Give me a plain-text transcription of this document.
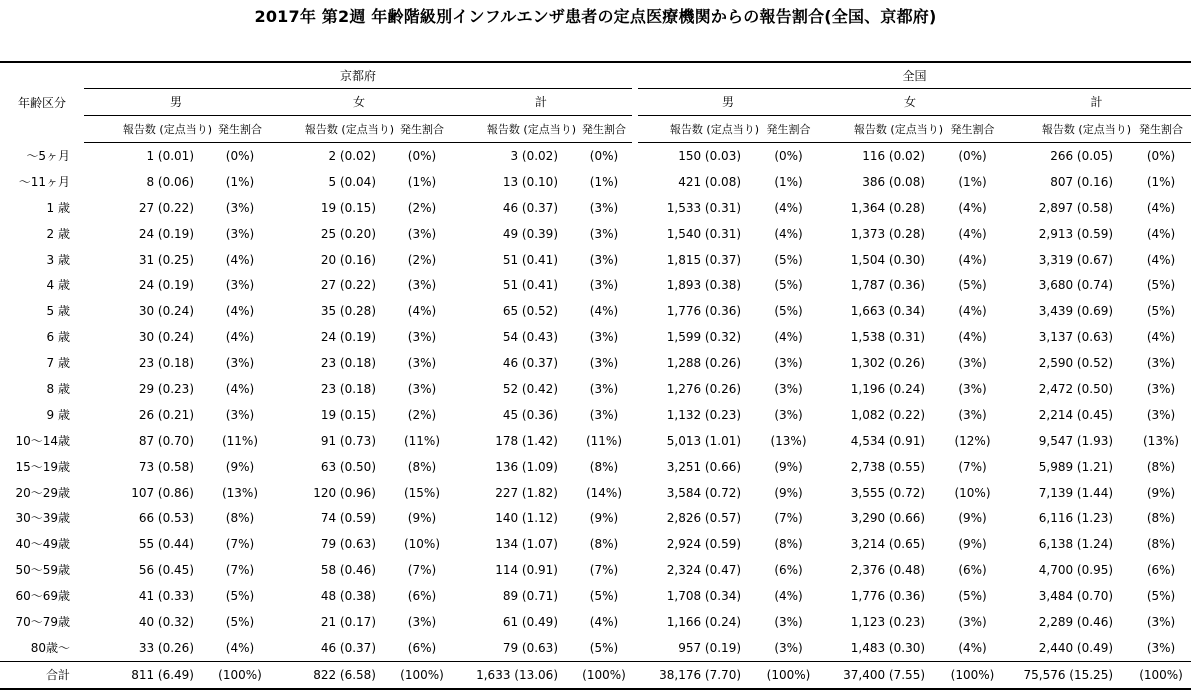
2017年 第2週 年齢階級別インフルエンザ患者の定点医療機関からの報告割合(全国、京都府)
年齢区分	京都府							全国					
	男		女		計			男		女		計	
	報告数 (定点当り)	発生割合	報告数 (定点当り)	発生割合	報告数 (定点当り)	発生割合		報告数 (定点当り)	発生割合	報告数 (定点当り)	発生割合	報告数 (定点当り)	発生割合
〜5ヶ月	1 (0.01)	(0%)	2 (0.02)	(0%)	3 (0.02)	(0%)		150 (0.03)	(0%)	116 (0.02)	(0%)	266 (0.05)	(0%)
〜11ヶ月	8 (0.06)	(1%)	5 (0.04)	(1%)	13 (0.10)	(1%)		421 (0.08)	(1%)	386 (0.08)	(1%)	807 (0.16)	(1%)
1 歳	27 (0.22)	(3%)	19 (0.15)	(2%)	46 (0.37)	(3%)		1,533 (0.31)	(4%)	1,364 (0.28)	(4%)	2,897 (0.58)	(4%)
2 歳	24 (0.19)	(3%)	25 (0.20)	(3%)	49 (0.39)	(3%)		1,540 (0.31)	(4%)	1,373 (0.28)	(4%)	2,913 (0.59)	(4%)
3 歳	31 (0.25)	(4%)	20 (0.16)	(2%)	51 (0.41)	(3%)		1,815 (0.37)	(5%)	1,504 (0.30)	(4%)	3,319 (0.67)	(4%)
4 歳	24 (0.19)	(3%)	27 (0.22)	(3%)	51 (0.41)	(3%)		1,893 (0.38)	(5%)	1,787 (0.36)	(5%)	3,680 (0.74)	(5%)
5 歳	30 (0.24)	(4%)	35 (0.28)	(4%)	65 (0.52)	(4%)		1,776 (0.36)	(5%)	1,663 (0.34)	(4%)	3,439 (0.69)	(5%)
6 歳	30 (0.24)	(4%)	24 (0.19)	(3%)	54 (0.43)	(3%)		1,599 (0.32)	(4%)	1,538 (0.31)	(4%)	3,137 (0.63)	(4%)
7 歳	23 (0.18)	(3%)	23 (0.18)	(3%)	46 (0.37)	(3%)		1,288 (0.26)	(3%)	1,302 (0.26)	(3%)	2,590 (0.52)	(3%)
8 歳	29 (0.23)	(4%)	23 (0.18)	(3%)	52 (0.42)	(3%)		1,276 (0.26)	(3%)	1,196 (0.24)	(3%)	2,472 (0.50)	(3%)
9 歳	26 (0.21)	(3%)	19 (0.15)	(2%)	45 (0.36)	(3%)		1,132 (0.23)	(3%)	1,082 (0.22)	(3%)	2,214 (0.45)	(3%)
10〜14歳	87 (0.70)	(11%)	91 (0.73)	(11%)	178 (1.42)	(11%)		5,013 (1.01)	(13%)	4,534 (0.91)	(12%)	9,547 (1.93)	(13%)
15〜19歳	73 (0.58)	(9%)	63 (0.50)	(8%)	136 (1.09)	(8%)		3,251 (0.66)	(9%)	2,738 (0.55)	(7%)	5,989 (1.21)	(8%)
20〜29歳	107 (0.86)	(13%)	120 (0.96)	(15%)	227 (1.82)	(14%)		3,584 (0.72)	(9%)	3,555 (0.72)	(10%)	7,139 (1.44)	(9%)
30〜39歳	66 (0.53)	(8%)	74 (0.59)	(9%)	140 (1.12)	(9%)		2,826 (0.57)	(7%)	3,290 (0.66)	(9%)	6,116 (1.23)	(8%)
40〜49歳	55 (0.44)	(7%)	79 (0.63)	(10%)	134 (1.07)	(8%)		2,924 (0.59)	(8%)	3,214 (0.65)	(9%)	6,138 (1.24)	(8%)
50〜59歳	56 (0.45)	(7%)	58 (0.46)	(7%)	114 (0.91)	(7%)		2,324 (0.47)	(6%)	2,376 (0.48)	(6%)	4,700 (0.95)	(6%)
60〜69歳	41 (0.33)	(5%)	48 (0.38)	(6%)	89 (0.71)	(5%)		1,708 (0.34)	(4%)	1,776 (0.36)	(5%)	3,484 (0.70)	(5%)
70〜79歳	40 (0.32)	(5%)	21 (0.17)	(3%)	61 (0.49)	(4%)		1,166 (0.24)	(3%)	1,123 (0.23)	(3%)	2,289 (0.46)	(3%)
80歳〜	33 (0.26)	(4%)	46 (0.37)	(6%)	79 (0.63)	(5%)		957 (0.19)	(3%)	1,483 (0.30)	(4%)	2,440 (0.49)	(3%)
合計	811 (6.49)	(100%)	822 (6.58)	(100%)	1,633 (13.06)	(100%)		38,176 (7.70)	(100%)	37,400 (7.55)	(100%)	75,576 (15.25)	(100%)
